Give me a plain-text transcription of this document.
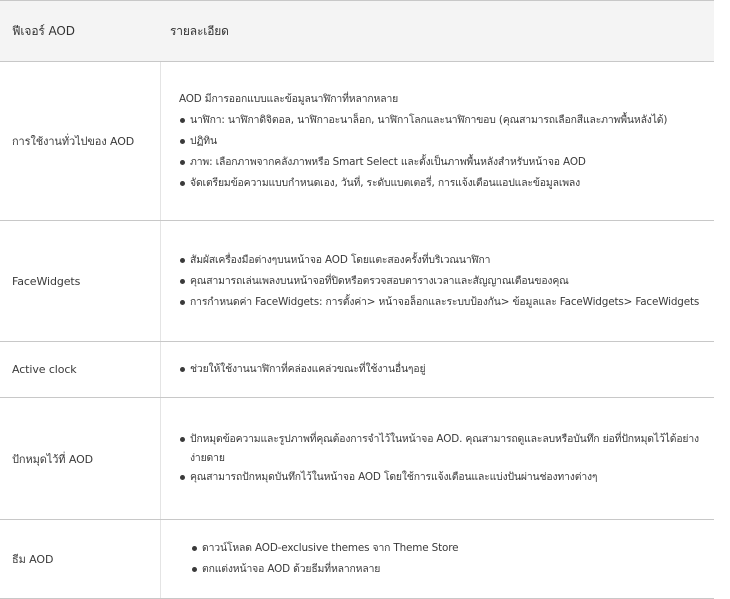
ฟีเจอร์ AOD	รายละเอียด
การใช้งานทั่วไปของ AOD
AOD มีการออกแบบและข้อมูลนาฬิกาที่หลากหลาย
นาฬิกา: นาฬิกาดิจิตอล, นาฬิกาอะนาล็อก, นาฬิกาโลกและนาฬิกาขอบ (คุณสามารถเลือกสีและภาพพื้นหลังได้)
ปฏิทิน
ภาพ: เลือกภาพจากคลังภาพหรือ Smart Select และตั้งเป็นภาพพื้นหลังสำหรับหน้าจอ AOD
จัดเตรียมข้อความแบบกำหนดเอง, วันที่, ระดับแบตเตอรี่, การแจ้งเตือนแอปและข้อมูลเพลง
FaceWidgets
สัมผัสเครื่องมือต่างๆบนหน้าจอ AOD โดยแตะสองครั้งที่บริเวณนาฬิกา
คุณสามารถเล่นเพลงบนหน้าจอที่ปิดหรือตรวจสอบตารางเวลาและสัญญาณเตือนของคุณ
การกำหนดค่า FaceWidgets: การตั้งค่า> หน้าจอล็อกและระบบป้องกัน> ข้อมูลและ FaceWidgets> FaceWidgets
Active clock	ช่วยให้ใช้งานนาฬิกาที่คล่องแคล่วขณะที่ใช้งานอื่นๆอยู่
ปักหมุดไว้ที่ AOD
ปักหมุดข้อความและรูปภาพที่คุณต้องการจำไว้ในหน้าจอ AOD. คุณสามารถดูและลบหรือบันทึก ย่อที่ปักหมุดไว้ได้อย่างง่ายดาย
คุณสามารถปักหมุดบันทึกไว้ในหน้าจอ AOD โดยใช้การแจ้งเตือนและแบ่งปันผ่านช่องทางต่างๆ
ธีม AOD
ดาวน์โหลด AOD-exclusive themes จาก Theme Store
ตกแต่งหน้าจอ AOD ด้วยธีมที่หลากหลาย
